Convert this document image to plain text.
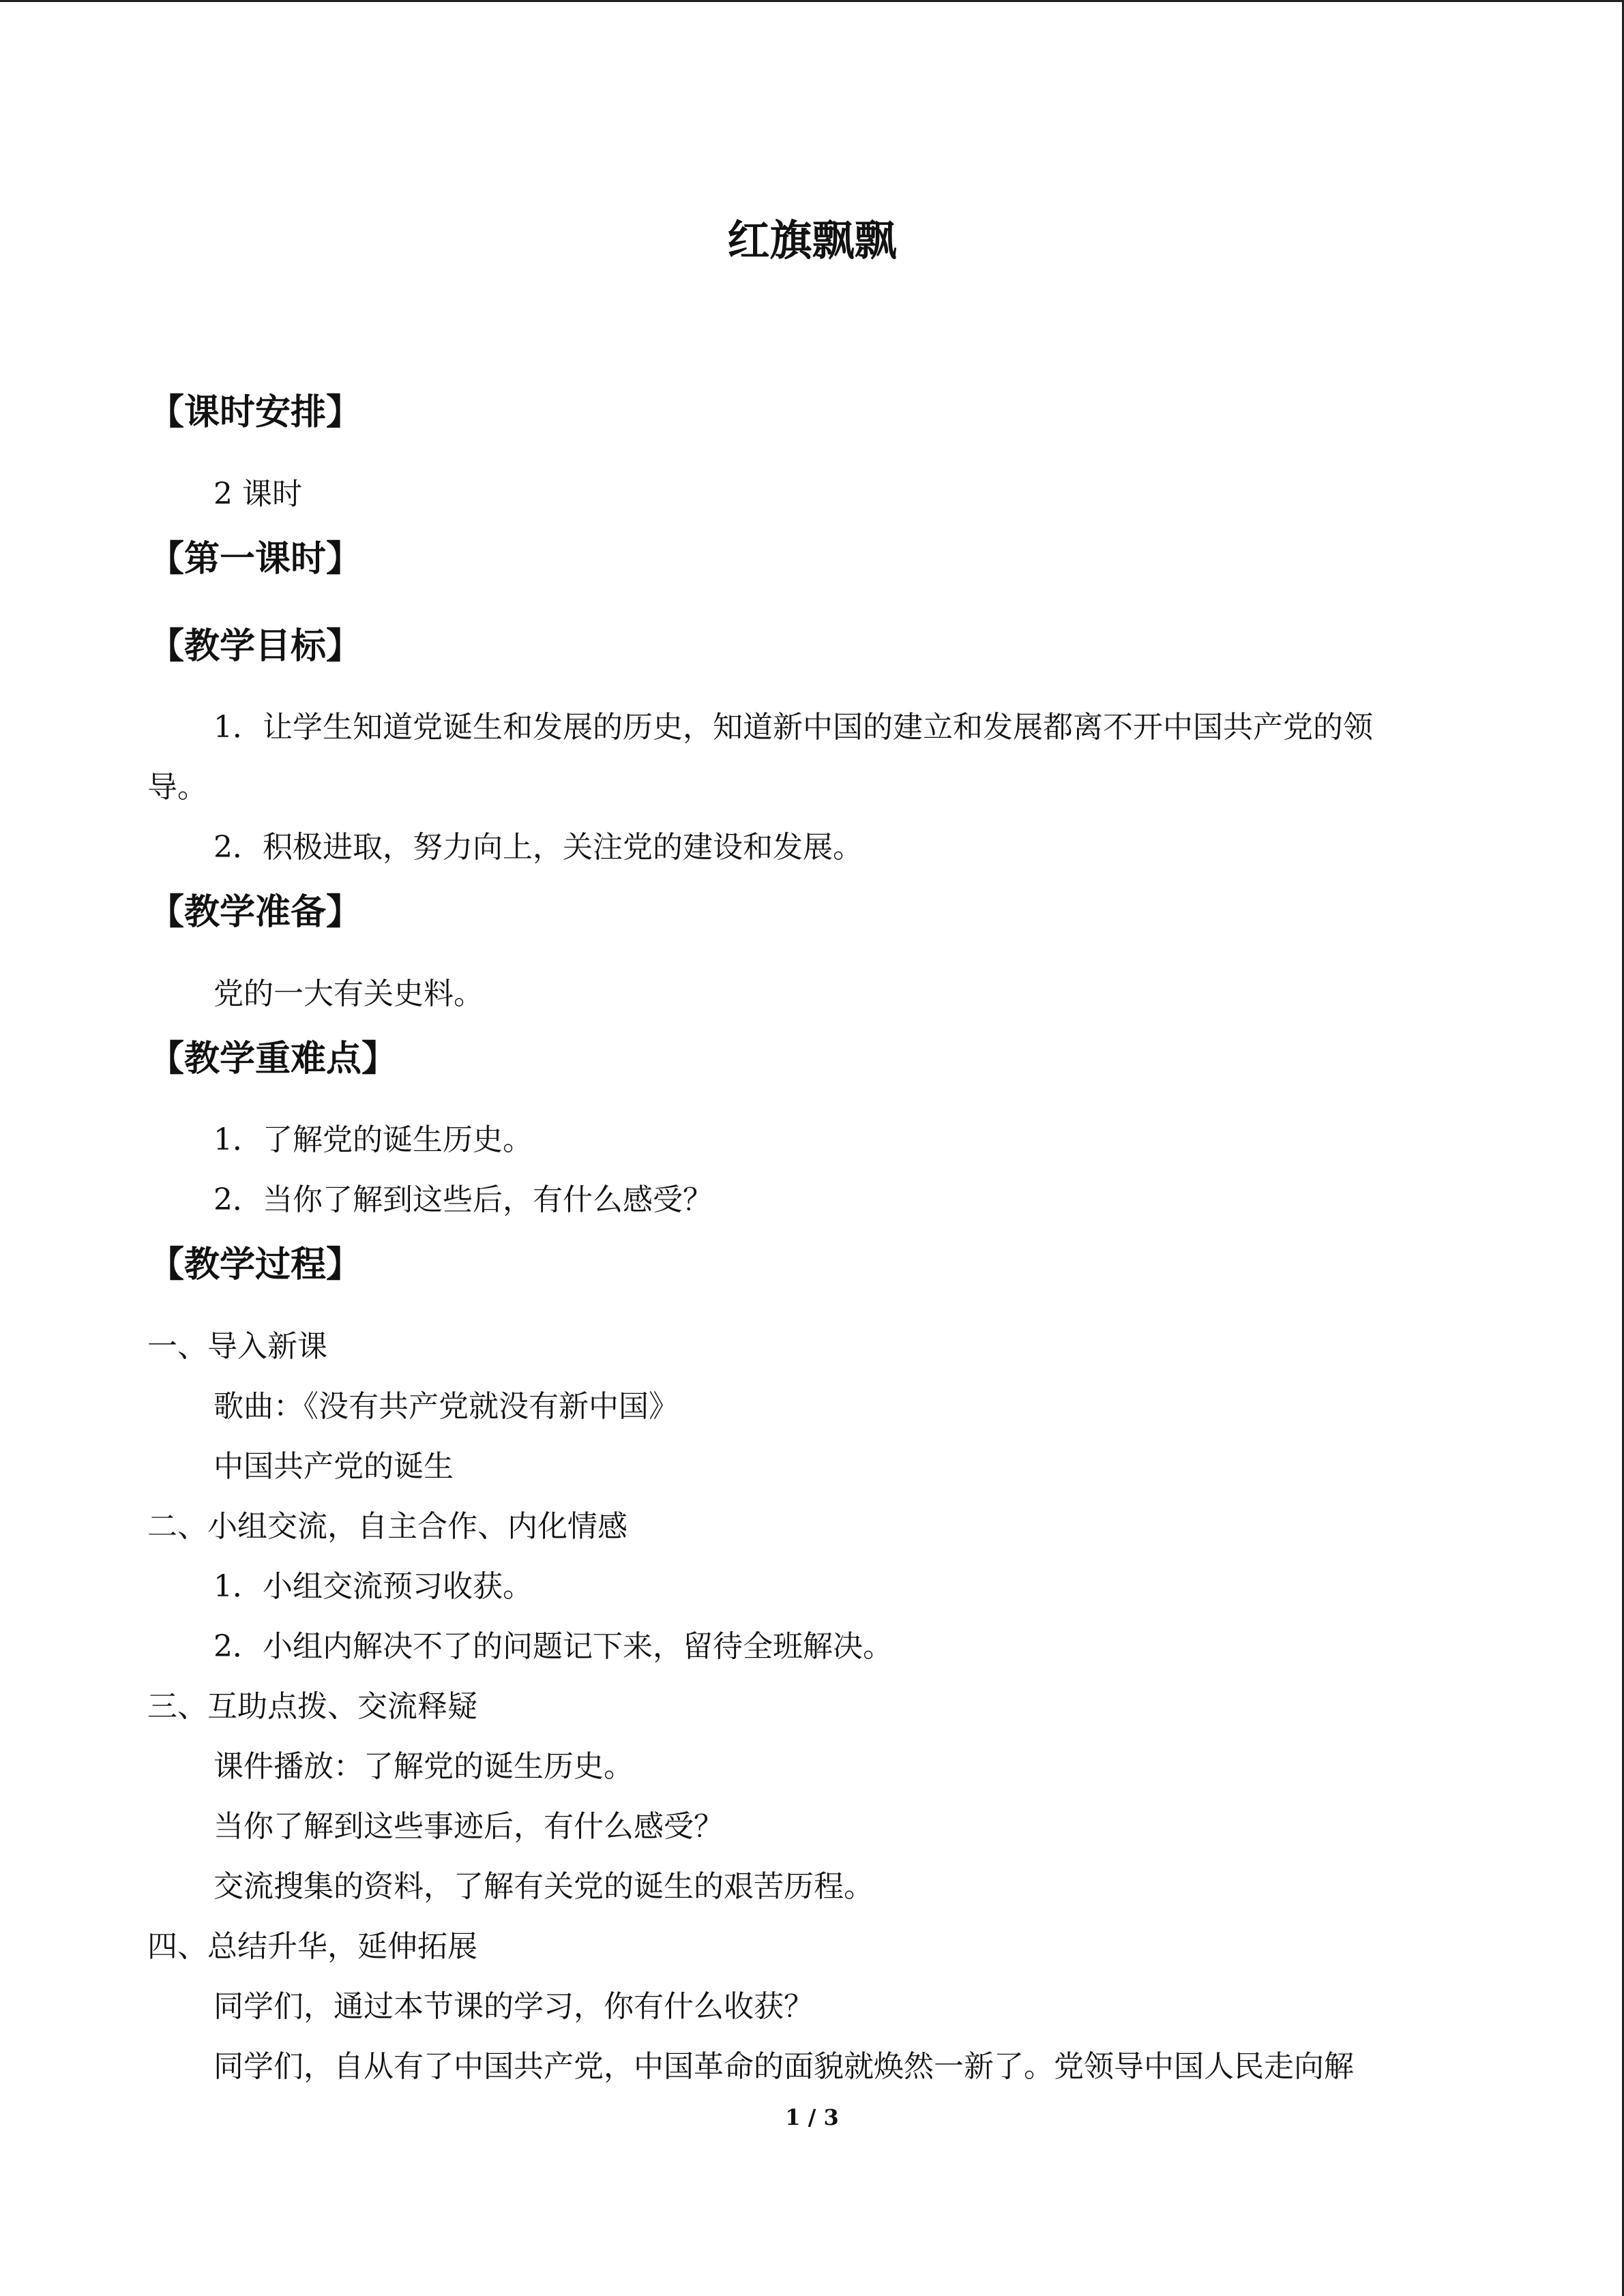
红旗飘飘
【课时安排】
2 课时
【第一课时】
【教学目标】
1．让学生知道党诞生和发展的历史，知道新中国的建立和发展都离不开中国共产党的领
导。
2．积极进取，努力向上，关注党的建设和发展。
【教学准备】
党的一大有关史料。
【教学重难点】
1．了解党的诞生历史。
2．当你了解到这些后，有什么感受？
【教学过程】
一、导入新课
歌曲：《没有共产党就没有新中国》
中国共产党的诞生
二、小组交流，自主合作、内化情感
1．小组交流预习收获。
2．小组内解决不了的问题记下来，留待全班解决。
三、互助点拨、交流释疑
课件播放：了解党的诞生历史。
当你了解到这些事迹后，有什么感受？
交流搜集的资料，了解有关党的诞生的艰苦历程。
四、总结升华，延伸拓展
同学们，通过本节课的学习，你有什么收获？
同学们，自从有了中国共产党，中国革命的面貌就焕然一新了。党领导中国人民走向解
1 / 3
